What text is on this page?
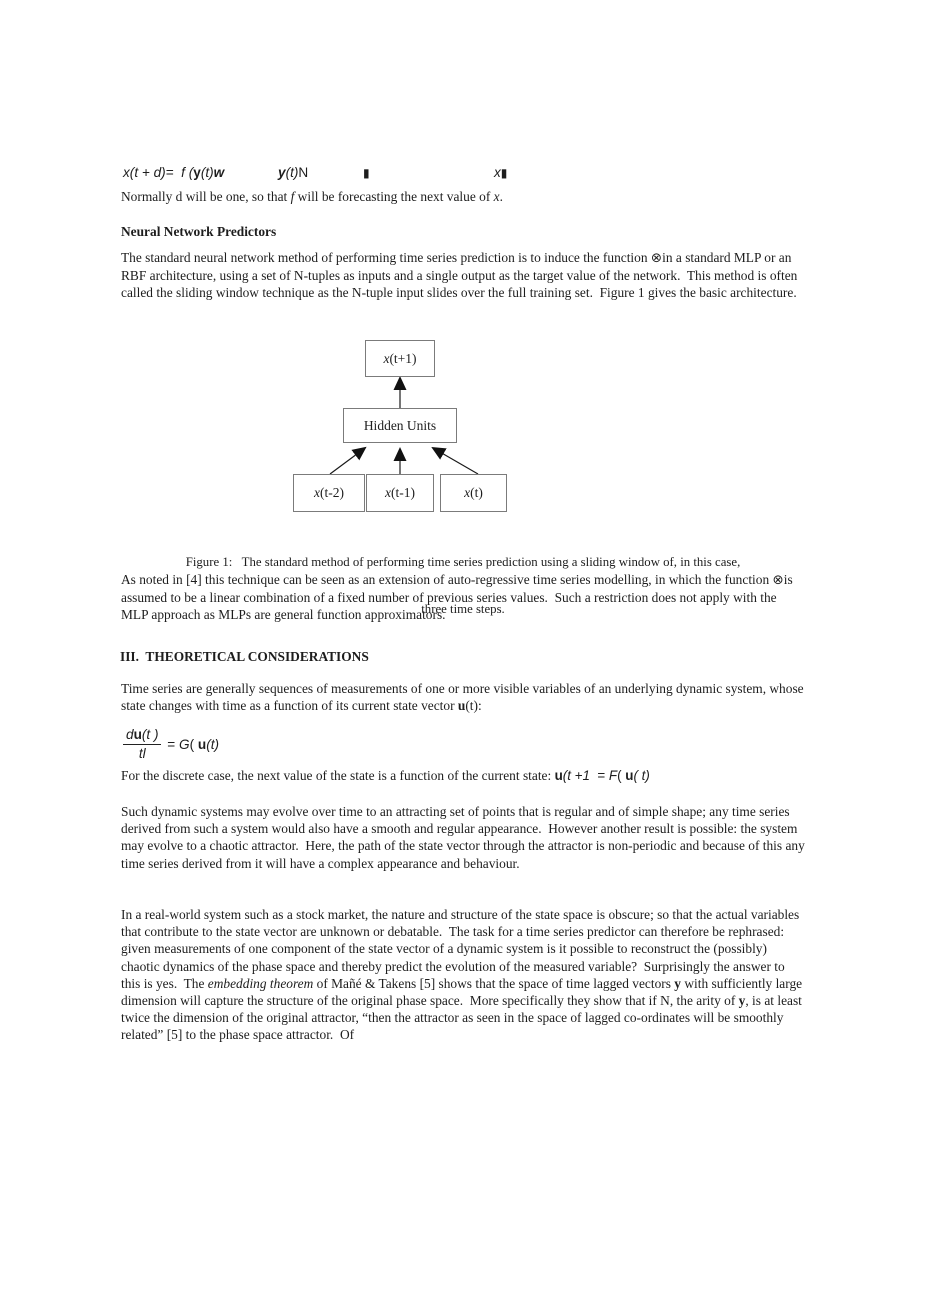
x(t + d)=  f (y(t)w	y(t)N	▮	x▮
Normally d will be one, so that f will be forecasting the next value of x.
Neural Network Predictors
The standard neural network method of performing time series prediction is to induce the function ⊗in a standard MLP or an RBF architecture, using a set of N-tuples as inputs and a single output as the target value of the network.  This method is often called the sliding window technique as the N-tuple input slides over the full training set.  Figure 1 gives the basic architecture.
x (t+1)
Hidden Units
x (t-2)	x (t-1)	x (t)

Figure 1:   The standard method of performing time series prediction using a sliding window of, in this case,

three time steps.

As noted in [4] this technique can be seen as an extension of auto-regressive time series modelling, in which the function ⊗is assumed to be a linear combination of a fixed number of previous series values.  Such a restriction does not apply with the MLP approach as MLPs are general function approximators.
III.  THEORETICAL CONSIDERATIONS
Time series are generally sequences of measurements of one or more visible variables of an underlying dynamic system, whose state changes with time as a function of its current state vector u(t):
$\frac{du(t )}{tl} = G$( u(t)
For the discrete case, the next value of the state is a function of the current state: u(t +1  = F( u( t)
Such dynamic systems may evolve over time to an attracting set of points that is regular and of simple shape; any time series derived from such a system would also have a smooth and regular appearance.  However another result is possible: the system may evolve to a chaotic attractor.  Here, the path of the state vector through the attractor is non-periodic and because of this any time series derived from it will have a complex appearance and behaviour.
In a real-world system such as a stock market, the nature and structure of the state space is obscure; so that the actual variables that contribute to the state vector are unknown or debatable.  The task for a time series predictor can therefore be rephrased: given measurements of one component of the state vector of a dynamic system is it possible to reconstruct the (possibly) chaotic dynamics of the phase space and thereby predict the evolution of the measured variable?  Surprisingly the answer to this is yes.  The embedding theorem of Mañé & Takens [5] shows that the space of time lagged vectors y with sufficiently large dimension will capture the structure of the original phase space.  More specifically they show that if N, the arity of y, is at least twice the dimension of the original attractor, “then the attractor as seen in the space of lagged co-ordinates will be smoothly related” [5] to the phase space attractor.  Of
